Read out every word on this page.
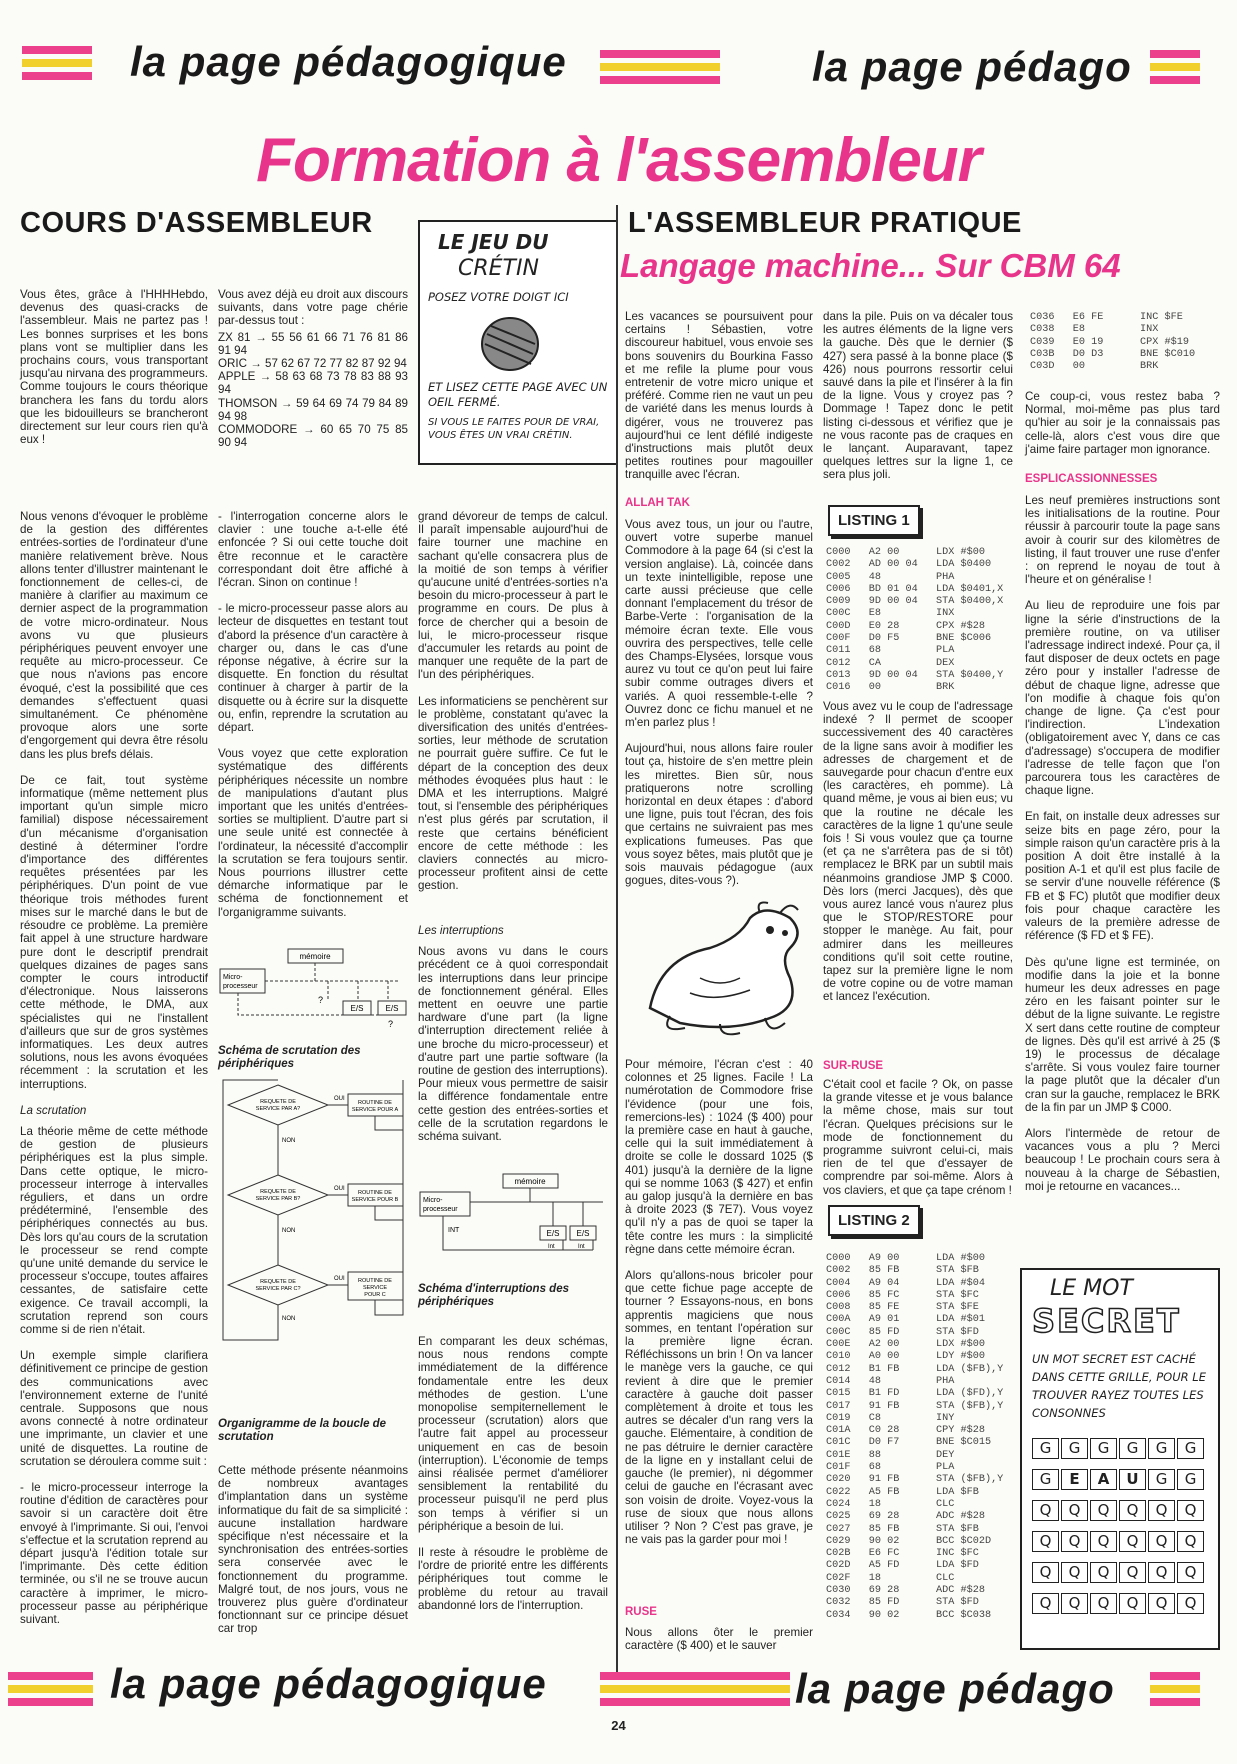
la page pédagogique	la page pédago
Formation à l'assembleur
COURS D'ASSEMBLEUR
LE JEU DU
CRÉTIN
POSEZ VOTRE DOIGT ICI
ET LISEZ CETTE PAGE AVEC UN OEIL FERMÉ.
SI VOUS LE FAITES POUR DE VRAI, VOUS ÊTES UN VRAI CRÉTIN.
Vous êtes, grâce à l'HHHHebdo, devenus des quasi-cracks de l'assembleur. Mais ne partez pas ! Les bonnes surprises et les bons plans vont se multiplier dans les prochains cours, vous transportant jusqu'au nirvana des programmeurs. Comme toujours le cours théorique branchera les fans du tordu alors que les bidouilleurs se brancheront directement sur leur cours rien qu'à eux !

Vous avez déjà eu droit aux discours suivants, dans votre page chérie par-dessus tout :

ZX 81 → 55 56 61 66 71 76 81 86 91 94
ORIC → 57 62 67 72 77 82 87 92 94
APPLE → 58 63 68 73 78 83 88 93 94
THOMSON → 59 64 69 74 79 84 89 94 98
COMMODORE → 60 65 70 75 85 90 94

Nous venons d'évoquer le problème de la gestion des différentes entrées-sorties de l'ordinateur d'une manière relativement brève. Nous allons tenter d'illustrer maintenant le fonctionnement de celles-ci, de manière à clarifier au maximum ce dernier aspect de la programmation de votre micro-ordinateur. Nous avons vu que plusieurs périphériques peuvent envoyer une requête au micro-processeur. Ce que nous n'avions pas encore évoqué, c'est la possibilité que ces demandes s'effectuent quasi simultanément. Ce phénomène provoque alors une sorte d'engorgement qui devra être résolu dans les plus brefs délais.

De ce fait, tout système informatique (même nettement plus important qu'un simple micro familial) dispose nécessairement d'un mécanisme d'organisation destiné à déterminer l'ordre d'importance des différentes requêtes présentées par les périphériques. D'un point de vue théorique trois méthodes furent mises sur le marché dans le but de résoudre ce problème. La première fait appel à une structure hardware pure dont le descriptif prendrait quelques dizaines de pages sans compter le cours introductif d'électronique. Nous laisserons cette méthode, le DMA, aux spécialistes qui ne l'installent d'ailleurs que sur de gros systèmes informatiques. Les deux autres solutions, nous les avons évoquées récemment : la scrutation et les interruptions.

La scrutation

La théorie même de cette méthode de gestion de plusieurs périphériques est la plus simple. Dans cette optique, le micro-processeur interroge à intervalles réguliers, et dans un ordre prédéterminé, l'ensemble des périphériques connectés au bus. Dès lors qu'au cours de la scrutation le processeur se rend compte qu'une unité demande du service le processeur s'occupe, toutes affaires cessantes, de satisfaire cette exigence. Ce travail accompli, la scrutation reprend son cours comme si de rien n'était.

Un exemple simple clarifiera définitivement ce principe de gestion des communications avec l'environnement externe de l'unité centrale. Supposons que nous avons connecté à notre ordinateur une imprimante, un clavier et une unité de disquettes. La routine de scrutation se déroulera comme suit :

- le micro-processeur interroge la routine d'édition de caractères pour savoir si un caractère doit être envoyé à l'imprimante. Si oui, l'envoi s'effectue et la scrutation reprend au départ jusqu'à l'édition totale sur l'imprimante. Dès cette édition terminée, ou s'il ne se trouve aucun caractère à imprimer, le micro-processeur passe au périphérique suivant.

- l'interrogation concerne alors le clavier : une touche a-t-elle été enfoncée ? Si oui cette touche doit être reconnue et le caractère correspondant doit être affiché à l'écran. Sinon on continue !

- le micro-processeur passe alors au lecteur de disquettes en testant tout d'abord la présence d'un caractère à charger ou, dans le cas d'une réponse négative, à écrire sur la disquette. En fonction du résultat continuer à charger à partir de la disquette ou à écrire sur la disquette ou, enfin, reprendre la scrutation au départ.

Vous voyez que cette exploration systématique des différents périphériques nécessite un nombre de manipulations d'autant plus important que les unités d'entrées-sorties se multiplient. D'autre part si une seule unité est connectée à l'ordinateur, la nécessité d'accomplir la scrutation se fera toujours sentir. Nous pourrions illustrer cette démarche informatique par le schéma de fonctionnement et l'organigramme suivants.

mémoire
Micro-
processeur
E/S	E/S
?
?
Schéma de scrutation des périphériques
REQUETE DE
SERVICE PAR A?
ROUTINE DE
SERVICE POUR A
OUI
NON
REQUETE DE
SERVICE PAR B?
ROUTINE DE
SERVICE POUR B
OUI
NON
REQUETE DE
SERVICE PAR C?
ROUTINE DE
SERVICE
POUR C
OUI
NON
Organigramme de la boucle de scrutation
Cette méthode présente néanmoins de nombreux avantages d'implantation dans un système informatique du fait de sa simplicité : aucune installation hardware spécifique n'est nécessaire et la synchronisation des entrées-sorties sera conservée avec le fonctionnement du programme. Malgré tout, de nos jours, vous ne trouverez plus guère d'ordinateur fonctionnant sur ce principe désuet car trop

grand dévoreur de temps de calcul. Il paraît impensable aujourd'hui de faire tourner une machine en sachant qu'elle consacrera plus de la moitié de son temps à vérifier qu'aucune unité d'entrées-sorties n'a besoin du micro-processeur à part le programme en cours. De plus à force de chercher qui a besoin de lui, le micro-processeur risque d'accumuler les retards au point de manquer une requête de la part de l'un des périphériques.

Les informaticiens se penchèrent sur le problème, constatant qu'avec la diversification des unités d'entrées-sorties, leur méthode de scrutation ne pourrait guère suffire. Ce fut le départ de la conception des deux méthodes évoquées plus haut : le DMA et les interruptions. Malgré tout, si l'ensemble des périphériques n'est plus gérés par scrutation, il reste que certains bénéficient encore de cette méthode : les claviers connectés au micro-processeur profitent ainsi de cette gestion.

Les interruptions

Nous avons vu dans le cours précédent ce à quoi correspondait les interruptions dans leur principe de fonctionnement général. Elles mettent en oeuvre une partie hardware d'une part (la ligne d'interruption directement reliée à une broche du micro-processeur) et d'autre part une partie software (la routine de gestion des interruptions). Pour mieux vous permettre de saisir la différence fondamentale entre cette gestion des entrées-sorties et celle de la scrutation regardons le schéma suivant.

mémoire
Micro-
processeur
INT	E/S E/S
Int	Int
Schéma d'interruptions des périphériques

En comparant les deux schémas, nous nous rendons compte immédiatement de la différence fondamentale entre les deux méthodes de gestion. L'une monopolise sempiternellement le processeur (scrutation) alors que l'autre fait appel au processeur uniquement en cas de besoin (interruption). L'économie de temps ainsi réalisée permet d'améliorer sensiblement la rentabilité du processeur puisqu'il ne perd plus son temps à vérifier si un périphérique a besoin de lui.

Il reste à résoudre le problème de l'ordre de priorité entre les différents périphériques tout comme le problème du retour au travail abandonné lors de l'interruption.

L'ASSEMBLEUR PRATIQUE
Langage machine... Sur CBM 64
Les vacances se poursuivent pour certains ! Sébastien, votre discoureur habituel, vous envoie ses bons souvenirs du Bourkina Fasso et me refile la plume pour vous entretenir de votre micro unique et préféré. Comme rien ne vaut un peu de variété dans les menus lourds à digérer, vous ne trouverez pas aujourd'hui ce lent défilé indigeste d'instructions mais plutôt deux petites routines pour magouiller tranquille avec l'écran.
ALLAH TAK

Vous avez tous, un jour ou l'autre, ouvert votre superbe manuel Commodore à la page 64 (si c'est la version anglaise). Là, coincée dans un texte inintelligible, repose une carte aussi précieuse que celle donnant l'emplacement du trésor de Barbe-Verte : l'organisation de la mémoire écran texte. Elle vous ouvrira des perspectives, telle celle des Champs-Elysées, lorsque vous aurez vu tout ce qu'on peut lui faire subir comme outrages divers et variés. A quoi ressemble-t-elle ? Ouvrez donc ce fichu manuel et ne m'en parlez plus !

Aujourd'hui, nous allons faire rouler tout ça, histoire de s'en mettre plein les mirettes. Bien sûr, nous pratiquerons notre scrolling horizontal en deux étapes : d'abord une ligne, puis tout l'écran, des fois que certains ne suivraient pas mes explications fumeuses. Pas que vous soyez bêtes, mais plutôt que je sois mauvais pédagogue (aux gogues, dites-vous ?).

Pour mémoire, l'écran c'est : 40 colonnes et 25 lignes. Facile ! La numérotation de Commodore frise l'évidence (pour une fois, remercions-les) : 1024 ($ 400) pour la première case en haut à gauche, celle qui la suit immédiatement à droite se colle le dossard 1025 ($ 401) jusqu'à la dernière de la ligne qui se nomme 1063 ($ 427) et enfin au galop jusqu'à la dernière en bas à droite 2023 ($ 7E7). Vous voyez qu'il n'y a pas de quoi se taper la tête contre les murs : la simplicité règne dans cette mémoire écran.

Alors qu'allons-nous bricoler pour que cette fichue page accepte de tourner ? Essayons-nous, en bons apprentis magiciens que nous sommes, en tentant l'opération sur la première ligne écran. Réfléchissons un brin ! On va lancer le manège vers la gauche, ce qui revient à dire que le premier caractère à gauche doit passer complètement à droite et tous les autres se décaler d'un rang vers la gauche. Elémentaire, à condition de ne pas détruire le dernier caractère de la ligne en y installant celui de gauche (le premier), ni dégommer celui de gauche en l'écrasant avec son voisin de droite. Voyez-vous la ruse de sioux que nous allons utiliser ? Non ? C'est pas grave, je ne vais pas la garder pour moi !

RUSE
Nous allons ôter le premier caractère ($ 400) et le sauver
dans la pile. Puis on va décaler tous les autres éléments de la ligne vers la gauche. Dès que le dernier ($ 427) sera passé à la bonne place ($ 426) nous pourrons ressortir celui sauvé dans la pile et l'insérer à la fin de la ligne. Vous y croyez pas ? Dommage ! Tapez donc le petit listing ci-dessous et vérifiez que je ne vous raconte pas de craques en le lançant. Auparavant, tapez quelques lettres sur la ligne 1, ce sera plus joli.
LISTING 1
C000   A2 00      LDX #$00
C002   AD 00 04   LDA $0400
C005   48         PHA
C006   BD 01 04   LDA $0401,X
C009   9D 00 04   STA $0400,X
C00C   E8         INX
C00D   E0 28      CPX #$28
C00F   D0 F5      BNE $C006
C011   68         PLA
C012   CA         DEX
C013   9D 00 04   STA $0400,Y
C016   00         BRK

Vous avez vu le coup de l'adressage indexé ? Il permet de scooper successivement des 40 caractères de la ligne sans avoir à modifier les adresses de chargement et de sauvegarde pour chacun d'entre eux (les caractères, eh pomme). Là quand même, je vous ai bien eus; vu que la routine ne décale les caractères de la ligne 1 qu'une seule fois ! Si vous voulez que ça tourne (et ça ne s'arrêtera pas de si tôt) remplacez le BRK par un subtil mais néanmoins grandiose JMP $ C000. Dès lors (merci Jacques), dès que vous aurez lancé vous n'aurez plus que le STOP/RESTORE pour stopper le manège. Au fait, pour admirer dans les meilleures conditions qu'il soit cette routine, tapez sur la première ligne le nom de votre copine ou de votre maman et lancez l'exécution.

SUR-RUSE
C'était cool et facile ? Ok, on passe la grande vitesse et je vous balance la même chose, mais sur tout l'écran. Quelques précisions sur le mode de fonctionnement du programme suivront celui-ci, mais rien de tel que d'essayer de comprendre par soi-même. Alors à vos claviers, et que ça tape crénom !
LISTING 2
C000   A9 00      LDA #$00
C002   85 FB      STA $FB
C004   A9 04      LDA #$04
C006   85 FC      STA $FC
C008   85 FE      STA $FE
C00A   A9 01      LDA #$01
C00C   85 FD      STA $FD
C00E   A2 00      LDX #$00
C010   A0 00      LDY #$00
C012   B1 FB      LDA ($FB),Y
C014   48         PHA
C015   B1 FD      LDA ($FD),Y
C017   91 FB      STA ($FB),Y
C019   C8         INY
C01A   C0 28      CPY #$28
C01C   D0 F7      BNE $C015
C01E   88         DEY
C01F   68         PLA
C020   91 FB      STA ($FB),Y
C022   A5 FB      LDA $FB
C024   18         CLC
C025   69 28      ADC #$28
C027   85 FB      STA $FB
C029   90 02      BCC $C02D
C02B   E6 FC      INC $FC
C02D   A5 FD      LDA $FD
C02F   18         CLC
C030   69 28      ADC #$28
C032   85 FD      STA $FD
C034   90 02      BCC $C038
C036   E6 FE      INC $FE
C038   E8         INX
C039   E0 19      CPX #$19
C03B   D0 D3      BNE $C010
C03D   00         BRK
Ce coup-ci, vous restez baba ? Normal, moi-même pas plus tard qu'hier au soir je la connaissais pas celle-là, alors c'est vous dire que j'aime faire partager mon ignorance.
ESPLICASSIONNESSES

Les neuf premières instructions sont les initialisations de la routine. Pour réussir à parcourir toute la page sans avoir à courir sur des kilomètres de listing, il faut trouver une ruse d'enfer : on reprend le noyau de tout à l'heure et on généralise !

Au lieu de reproduire une fois par ligne la série d'instructions de la première routine, on va utiliser l'adressage indirect indexé. Pour ça, il faut disposer de deux octets en page zéro pour y installer l'adresse de début de chaque ligne, adresse que l'on modifie à chaque fois qu'on change de ligne. Ça c'est pour l'indirection. L'indexation (obligatoirement avec Y, dans ce cas d'adressage) s'occupera de modifier l'adresse de telle façon que l'on parcourera tous les caractères de chaque ligne.

En fait, on installe deux adresses sur seize bits en page zéro, pour la simple raison qu'un caractère pris à la position A doit être installé à la position A-1 et qu'il est plus facile de se servir d'une nouvelle référence ($ FB et $ FC) plutôt que modifier deux fois pour chaque caractère les valeurs de la première adresse de référence ($ FD et $ FE).

Dès qu'une ligne est terminée, on modifie dans la joie et la bonne humeur les deux adresses en page zéro en les faisant pointer sur le début de la ligne suivante. Le registre X sert dans cette routine de compteur de lignes. Dès qu'il est arrivé à 25 ($ 19) le processus de décalage s'arrête. Si vous voulez faire tourner la page plutôt que la décaler d'un cran sur la gauche, remplacez le BRK de la fin par un JMP $ C000.

Alors l'intermède de retour de vacances vous a plu ? Merci beaucoup ! Le prochain cours sera à nouveau à la charge de Sébastien, moi je retourne en vacances...

LE MOT
SECRET
UN MOT SECRET EST CACHÉ DANS CETTE GRILLE, POUR LE TROUVER RAYEZ TOUTES LES CONSONNES
G	G	G	G	G	G
G	E	A	U	G	G
Q	Q	Q	Q	Q	Q
Q	Q	Q	Q	Q	Q
Q	Q	Q	Q	Q	Q
Q	Q	Q	Q	Q	Q
la page pédagogique	la page pédago
24
